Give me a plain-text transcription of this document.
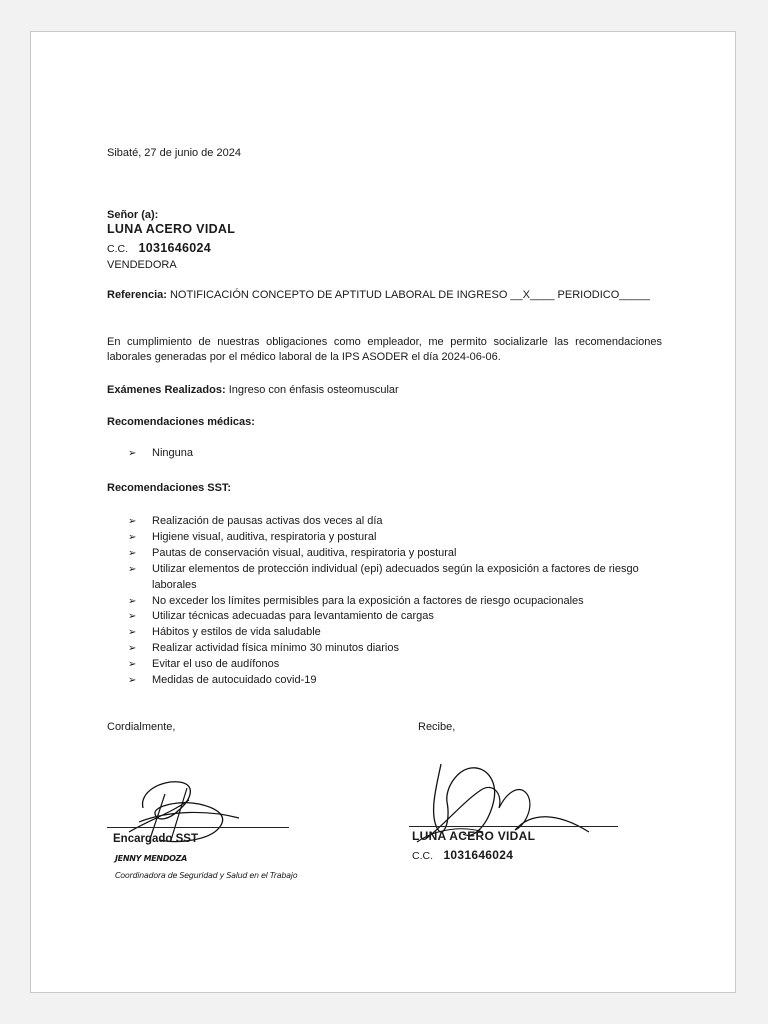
Sibaté, 27 de junio de 2024
Señor (a):
LUNA ACERO VIDAL
C.C. 1031646024
VENDEDORA
Referencia: NOTIFICACIÓN CONCEPTO DE APTITUD LABORAL DE INGRESO __X____ PERIODICO_____
En cumplimiento de nuestras obligaciones como empleador, me permito socializarle las recomendaciones laborales generadas por el médico laboral de la IPS ASODER el día 2024-06-06.
Exámenes Realizados: Ingreso con énfasis osteomuscular
Recomendaciones médicas:
➢ Ninguna
Recomendaciones SST:
➢ Realización de pausas activas dos veces al día
➢ Higiene visual, auditiva, respiratoria y postural
➢ Pautas de conservación visual, auditiva, respiratoria y postural
➢ Utilizar elementos de protección individual (epi) adecuados según la exposición a factores de riesgo laborales
➢ No exceder los límites permisibles para la exposición a factores de riesgo ocupacionales
➢ Utilizar técnicas adecuadas para levantamiento de cargas
➢ Hábitos y estilos de vida saludable
➢ Realizar actividad física mínimo 30 minutos diarios
➢ Evitar el uso de audífonos
➢ Medidas de autocuidado covid-19
Cordialmente,	Recibe,
Encargado SST
JENNY MENDOZA
Coordinadora de Seguridad y Salud en el Trabajo
LUNA ACERO VIDAL
C.C. 1031646024
